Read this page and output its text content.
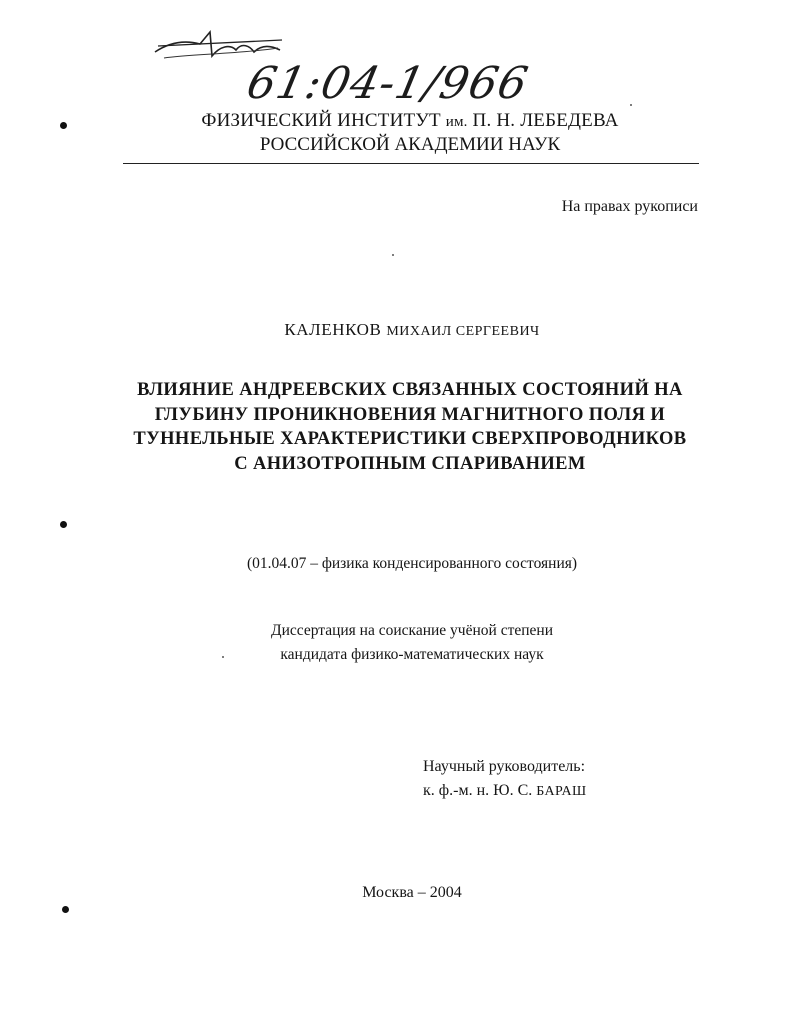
61:04-1/966
ФИЗИЧЕСКИЙ ИНСТИТУТ им. П. Н. ЛЕБЕДЕВА
РОССИЙСКОЙ АКАДЕМИИ НАУК
На правах рукописи
КАЛЕНКОВ МИХАИЛ СЕРГЕЕВИЧ
ВЛИЯНИЕ АНДРЕЕВСКИХ СВЯЗАННЫХ СОСТОЯНИЙ НА
ГЛУБИНУ ПРОНИКНОВЕНИЯ МАГНИТНОГО ПОЛЯ И
ТУННЕЛЬНЫЕ ХАРАКТЕРИСТИКИ СВЕРХПРОВОДНИКОВ
С АНИЗОТРОПНЫМ СПАРИВАНИЕМ
(01.04.07 – физика конденсированного состояния)
Диссертация на соискание учёной степени
кандидата физико-математических наук
Научный руководитель:
к. ф.-м. н. Ю. С. БАРАШ
Москва – 2004
